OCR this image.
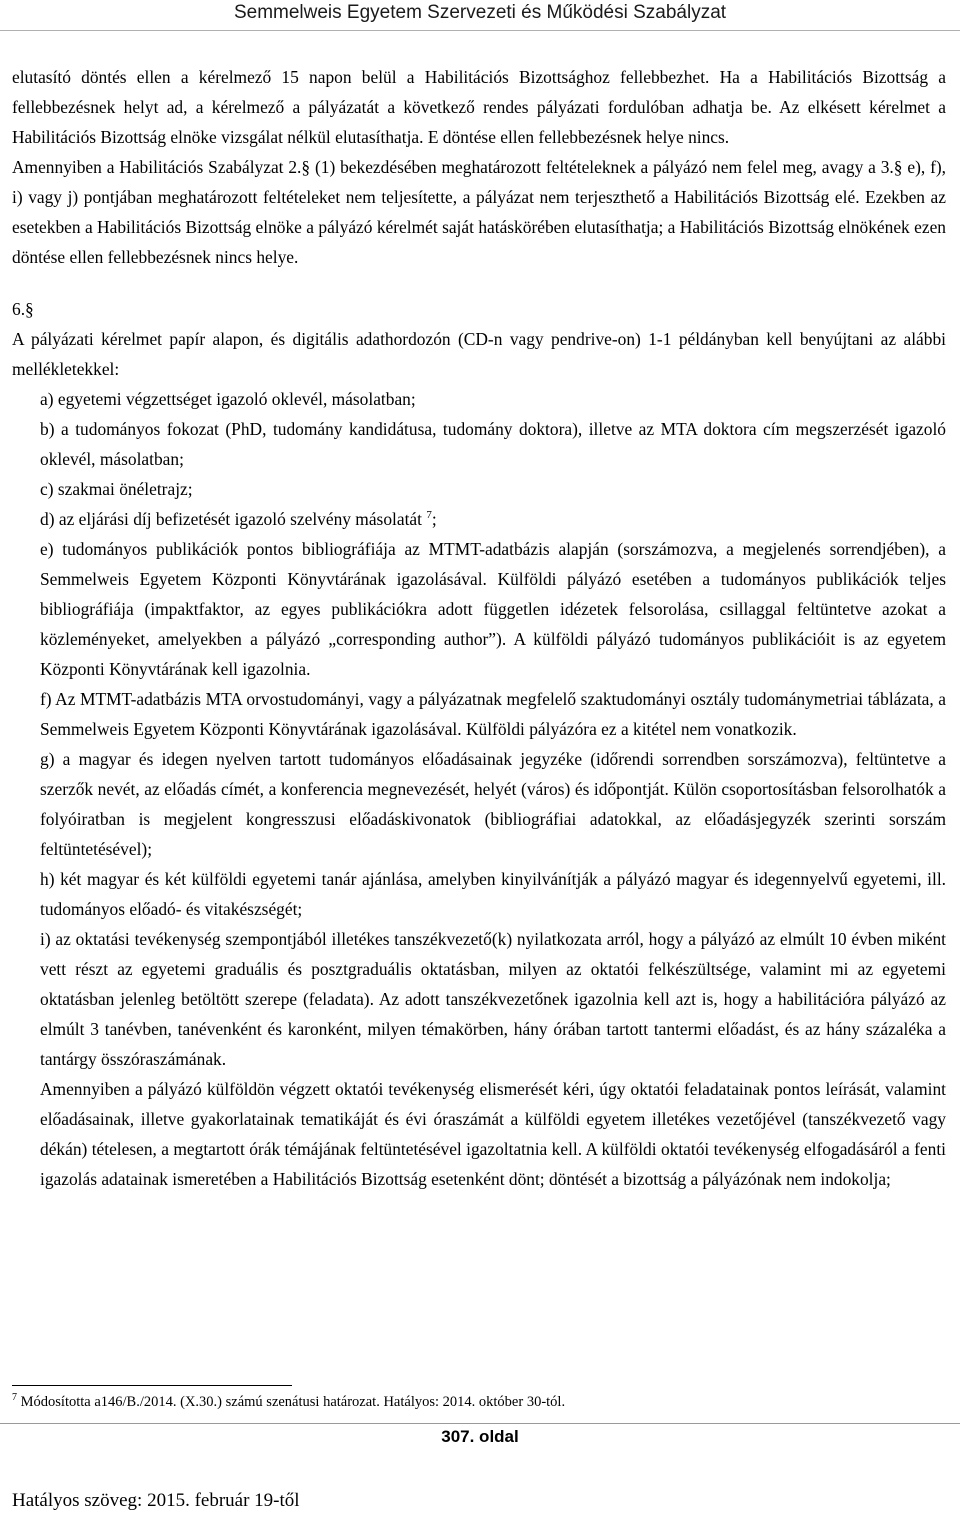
Semmelweis Egyetem Szervezeti és Működési Szabályzat

elutasító döntés ellen a kérelmező 15 napon belül a Habilitációs Bizottsághoz fellebbezhet. Ha a Habilitációs Bizottság a fellebbezésnek helyt ad, a kérelmező a pályázatát a következő rendes pályázati fordulóban adhatja be. Az elkésett kérelmet a Habilitációs Bizottság elnöke vizsgálat nélkül elutasíthatja. E döntése ellen fellebbezésnek helye nincs.

Amennyiben a Habilitációs Szabályzat 2.§ (1) bekezdésében meghatározott feltételeknek a pályázó nem felel meg, avagy a 3.§ e), f), i) vagy j) pontjában meghatározott feltételeket nem teljesítette, a pályázat nem terjeszthető a Habilitációs Bizottság elé. Ezekben az esetekben a Habilitációs Bizottság elnöke a pályázó kérelmét saját hatáskörében elutasíthatja; a Habilitációs Bizottság elnökének ezen döntése ellen fellebbezésnek nincs helye.

6.§

A pályázati kérelmet papír alapon, és digitális adathordozón (CD-n vagy pendrive-on) 1-1 példányban kell benyújtani az alábbi mellékletekkel:

a) egyetemi végzettséget igazoló oklevél, másolatban;

b) a tudományos fokozat (PhD, tudomány kandidátusa, tudomány doktora), illetve az MTA doktora cím megszerzését igazoló oklevél, másolatban;

c) szakmai önéletrajz;

d) az eljárási díj befizetését igazoló szelvény másolatát $^7$;

e) tudományos publikációk pontos bibliográfiája az MTMT-adatbázis alapján (sorszámozva, a megjelenés sorrendjében), a Semmelweis Egyetem Központi Könyvtárának igazolásával. Külföldi pályázó esetében a tudományos publikációk teljes bibliográfiája (impaktfaktor, az egyes publikációkra adott független idézetek felsorolása, csillaggal feltüntetve azokat a közleményeket, amelyekben a pályázó „corresponding author”). A külföldi pályázó tudományos publikációit is az egyetem Központi Könyvtárának kell igazolnia.

f) Az MTMT-adatbázis MTA orvostudományi, vagy a pályázatnak megfelelő szaktudományi osztály tudománymetriai táblázata, a Semmelweis Egyetem Központi Könyvtárának igazolásával. Külföldi pályázóra ez a kitétel nem vonatkozik.

g) a magyar és idegen nyelven tartott tudományos előadásainak jegyzéke (időrendi sorrendben sorszámozva), feltüntetve a szerzők nevét, az előadás címét, a konferencia megnevezését, helyét (város) és időpontját. Külön csoportosításban felsorolhatók a folyóiratban is megjelent kongresszusi előadáskivonatok (bibliográfiai adatokkal, az előadásjegyzék szerinti sorszám feltüntetésével);

h) két magyar és két külföldi egyetemi tanár ajánlása, amelyben kinyilvánítják a pályázó magyar és idegennyelvű egyetemi, ill. tudományos előadó- és vitakészségét;

i) az oktatási tevékenység szempontjából illetékes tanszékvezető(k) nyilatkozata arról, hogy a pályázó az elmúlt 10 évben miként vett részt az egyetemi graduális és posztgraduális oktatásban, milyen az oktatói felkészültsége, valamint mi az egyetemi oktatásban jelenleg betöltött szerepe (feladata). Az adott tanszékvezetőnek igazolnia kell azt is, hogy a habilitációra pályázó az elmúlt 3 tanévben, tanévenként és karonként, milyen témakörben, hány órában tartott tantermi előadást, és az hány százaléka a tantárgy összóraszámának.

Amennyiben a pályázó külföldön végzett oktatói tevékenység elismerését kéri, úgy oktatói feladatainak pontos leírását, valamint előadásainak, illetve gyakorlatainak tematikáját és évi óraszámát a külföldi egyetem illetékes vezetőjével (tanszékvezető vagy dékán) tételesen, a megtartott órák témájának feltüntetésével igazoltatnia kell. A külföldi oktatói tevékenység elfogadásáról a fenti igazolás adatainak ismeretében a Habilitációs Bizottság esetenként dönt; döntését a bizottság a pályázónak nem indokolja;

$^7$ Módosította a146/B./2014. (X.30.) számú szenátusi határozat. Hatályos: 2014. október 30-tól.
307. oldal
Hatályos szöveg: 2015. február 19-től
